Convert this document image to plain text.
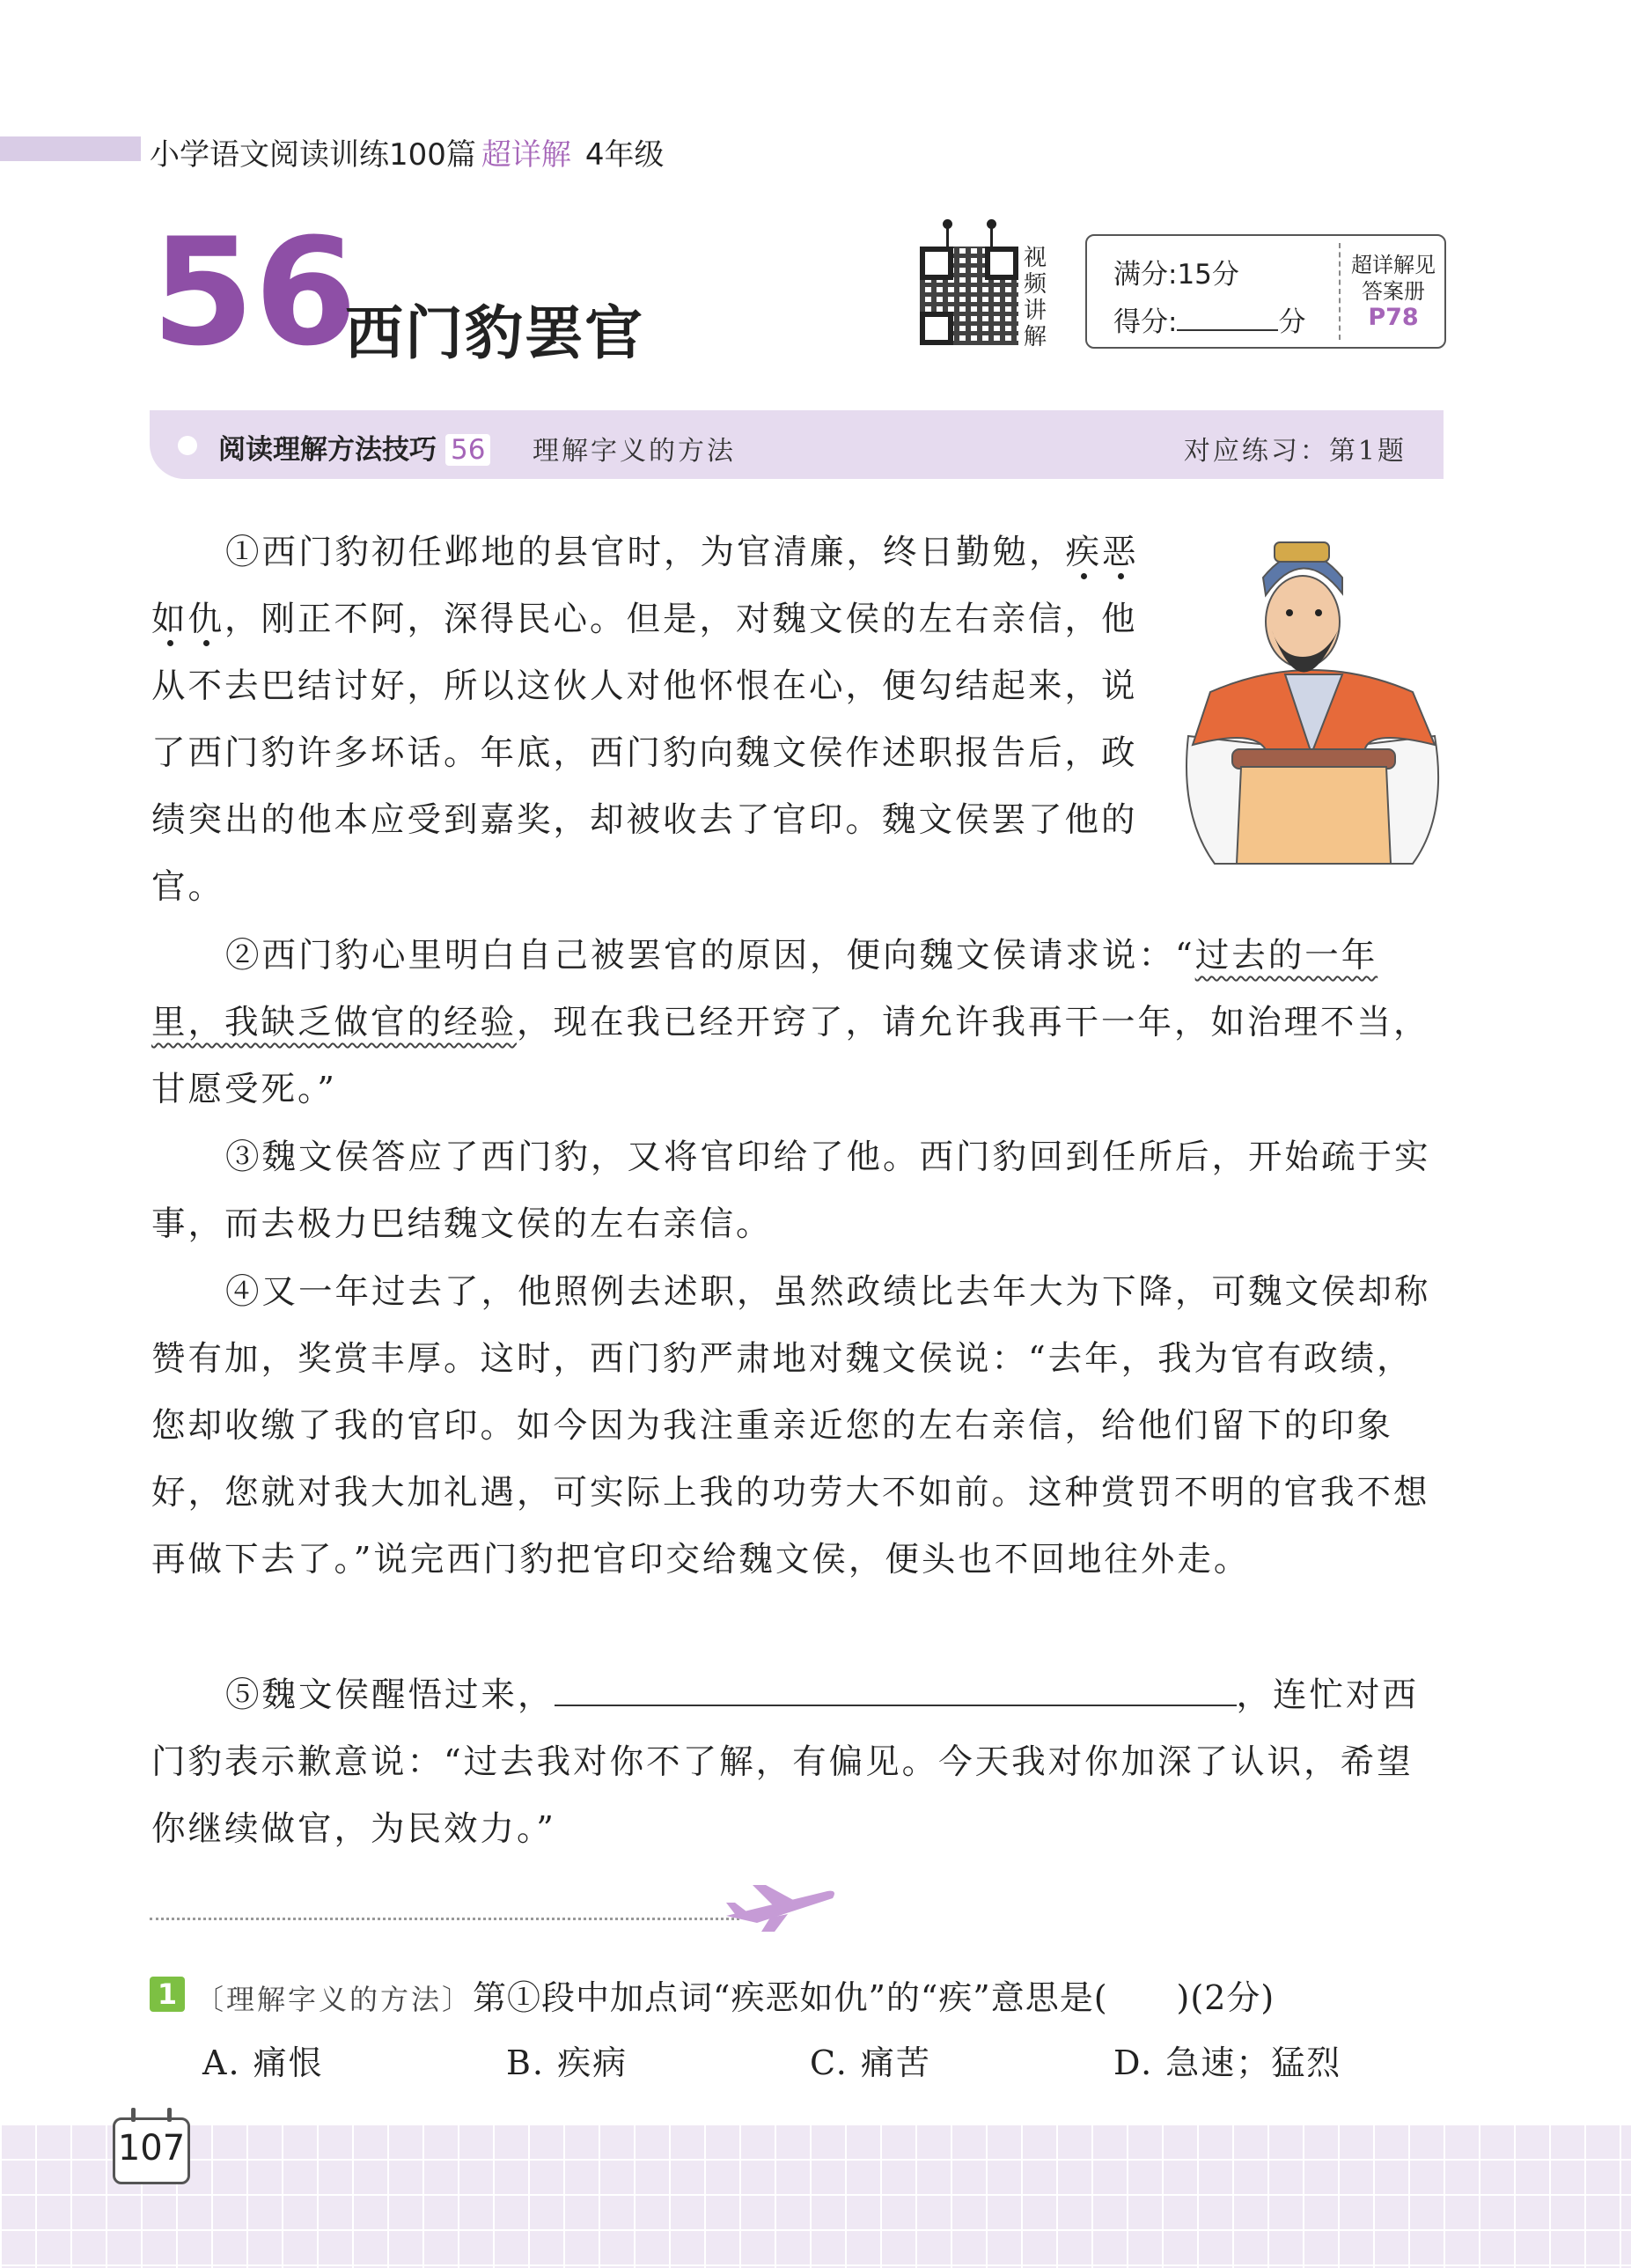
小学语文阅读训练100篇 超详解 4年级
56
西门豹罢官
视频讲解
满分:15分
得分:	分
超详解见
答案册
P78
阅读理解方法技巧 56 理解字义的方法	对应练习：第1题
①西门豹初任邺地的县官时，为官清廉，终日勤勉，疾恶如仇，刚正不阿，深得民心。但是，对魏文侯的左右亲信，他从不去巴结讨好，所以这伙人对他怀恨在心，便勾结起来，说了西门豹许多坏话。年底，西门豹向魏文侯作述职报告后，政绩突出的他本应受到嘉奖，却被收去了官印。魏文侯罢了他的官。
②西门豹心里明白自己被罢官的原因，便向魏文侯请求说：“过去的一年里，我缺乏做官的经验，现在我已经开窍了，请允许我再干一年，如治理不当，甘愿受死。”
③魏文侯答应了西门豹，又将官印给了他。西门豹回到任所后，开始疏于实事，而去极力巴结魏文侯的左右亲信。
④又一年过去了，他照例去述职，虽然政绩比去年大为下降，可魏文侯却称赞有加，奖赏丰厚。这时，西门豹严肃地对魏文侯说：“去年，我为官有政绩，您却收缴了我的官印。如今因为我注重亲近您的左右亲信，给他们留下的印象好，您就对我大加礼遇，可实际上我的功劳大不如前。这种赏罚不明的官我不想再做下去了。”说完西门豹把官印交给魏文侯，便头也不回地往外走。
⑤魏文侯醒悟过来，	，连忙对西门豹表示歉意说：“过去我对你不了解，有偏见。今天我对你加深了认识，希望你继续做官，为民效力。”
1 〔理解字义的方法〕第①段中加点词“疾恶如仇”的“疾”意思是(　　)(2分)
A. 痛恨	B. 疾病	C. 痛苦	D. 急速；猛烈
107
